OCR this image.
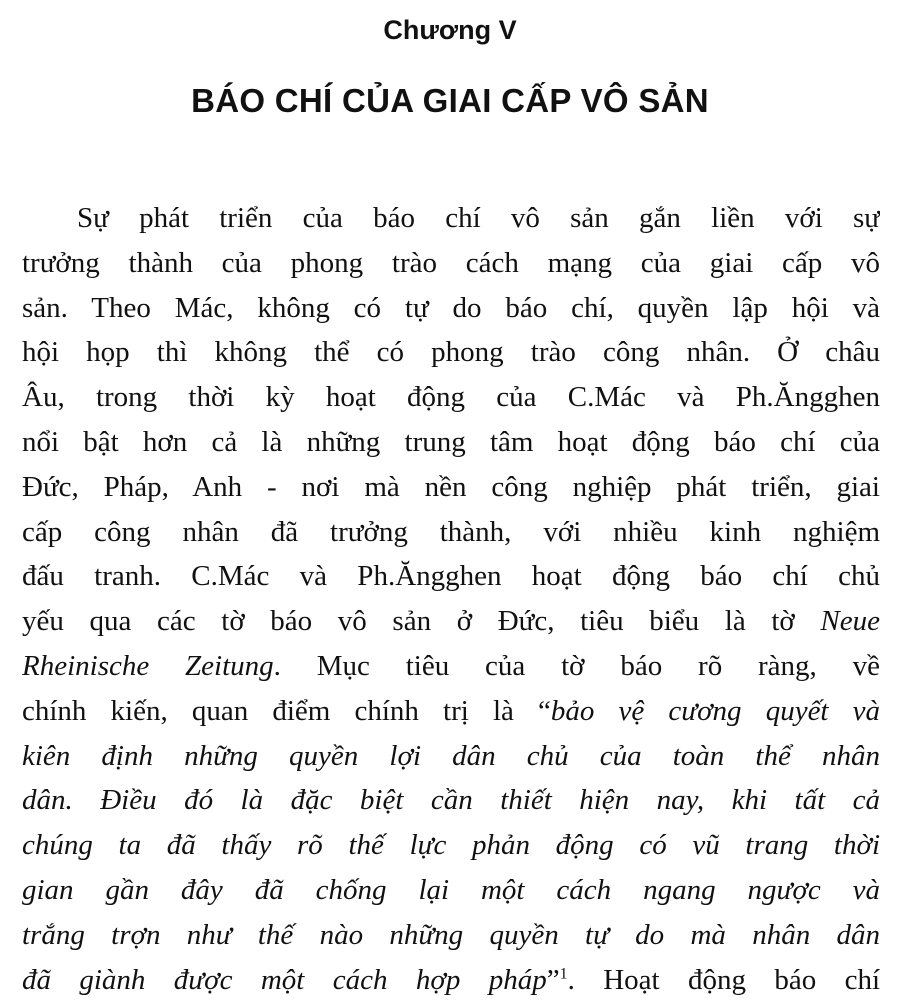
Chương V
BÁO CHÍ CỦA GIAI CẤP VÔ SẢN
Sự phát triển của báo chí vô sản gắn liền với sự
trưởng thành của phong trào cách mạng của giai cấp vô
sản. Theo Mác, không có tự do báo chí, quyền lập hội và
hội họp thì không thể có phong trào công nhân. Ở châu
Âu, trong thời kỳ hoạt động của C.Mác và Ph.Ăngghen
nổi bật hơn cả là những trung tâm hoạt động báo chí của
Đức, Pháp, Anh - nơi mà nền công nghiệp phát triển, giai
cấp công nhân đã trưởng thành, với nhiều kinh nghiệm
đấu tranh. C.Mác và Ph.Ăngghen hoạt động báo chí chủ
yếu qua các tờ báo vô sản ở Đức, tiêu biểu là tờ Neue
Rheinische Zeitung. Mục tiêu của tờ báo rõ ràng, về
chính kiến, quan điểm chính trị là “bảo vệ cương quyết và
kiên định những quyền lợi dân chủ của toàn thể nhân
dân. Điều đó là đặc biệt cần thiết hiện nay, khi tất cả
chúng ta đã thấy rõ thế lực phản động có vũ trang thời
gian gần đây đã chống lại một cách ngang ngược và
trắng trợn như thế nào những quyền tự do mà nhân dân
đã giành được một cách hợp pháp”$^1$. Hoạt động báo chí
